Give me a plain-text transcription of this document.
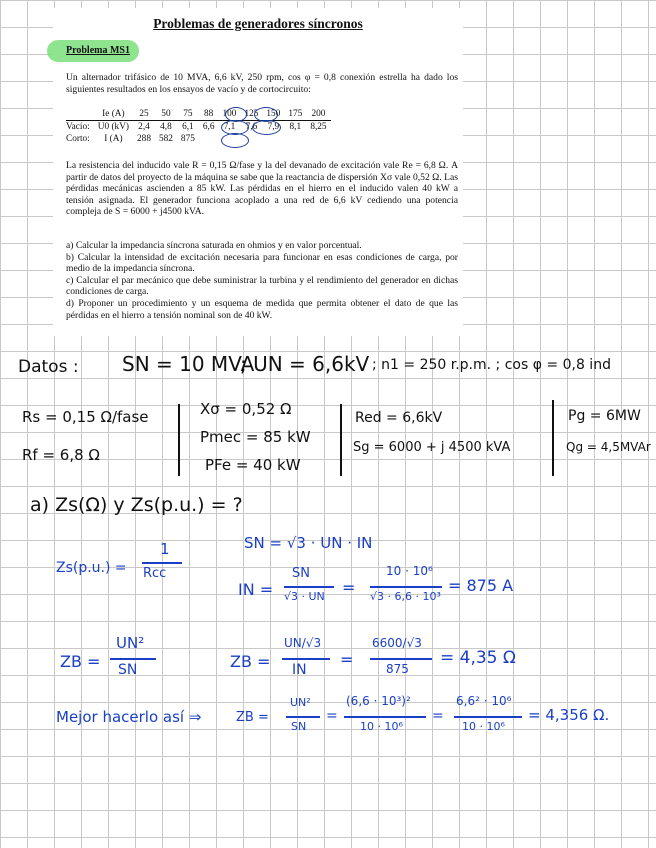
Problemas de generadores síncronos
Problema MS1
Un alternador trifásico de 10 MVA, 6,6 kV, 250 rpm, cos φ = 0,8 conexión estrella ha dado los siguientes resultados en los ensayos de vacío y de cortocircuito:
	Ie (A)	25	50	75	88	100	125	150	175	200
Vacío:	U0 (kV)	2,4	4,8	6,1	6,6	7,1	7,6	7,9	8,1	8,25
Corto:	I (A)	288	582	875						
La resistencia del inducido vale R = 0,15 Ω/fase y la del devanado de excitación vale Re = 6,8 Ω. A partir de datos del proyecto de la máquina se sabe que la reactancia de dispersión Xσ vale 0,52 Ω. Las pérdidas mecánicas ascienden a 85 kW. Las pérdidas en el hierro en el inducido valen 40 kW a tensión asignada. El generador funciona acoplado a una red de 6,6 kV cediendo una potencia compleja de S = 6000 + j4500 kVA.
a) Calcular la impedancia síncrona saturada en ohmios y en valor porcentual.
b) Calcular la intensidad de excitación necesaria para funcionar en esas condiciones de carga, por medio de la impedancia síncrona.
c) Calcular el par mecánico que debe suministrar la turbina y el rendimiento del generador en dichas condiciones de carga.
d) Proponer un procedimiento y un esquema de medida que permita obtener el dato de que las pérdidas en el hierro a tensión nominal son de 40 kW.
Datos : SN = 10 MVA
; UN = 6,6kV ; n1 = 250 r.p.m. ; cos φ = 0,8 ind
Rs = 0,15 Ω/fase
Rf = 6,8 Ω
Xσ = 0,52 Ω
Pmec = 85 kW
PFe = 40 kW
Red = 6,6kV
Sg = 6000 + j 4500 kVA
Pg = 6MW
Qg = 4,5MVAr
a) Zs(Ω) y Zs(p.u.) = ?
SN = √3 · UN · IN
Zs(p.u.) =
1
Rcc
IN =
SN
√3 · UN =
10 · 10⁶
√3 · 6,6 · 10³
= 875 A
ZB =
UN²
SN	ZB =
UN/√3
IN
=
6600/√3
875
= 4,35 Ω
Mejor hacerlo así ⇒	ZB =
UN²
SN
=
(6,6 · 10³)²
10 · 10⁶
=
6,6² · 10⁶
10 · 10⁶
= 4,356 Ω.
